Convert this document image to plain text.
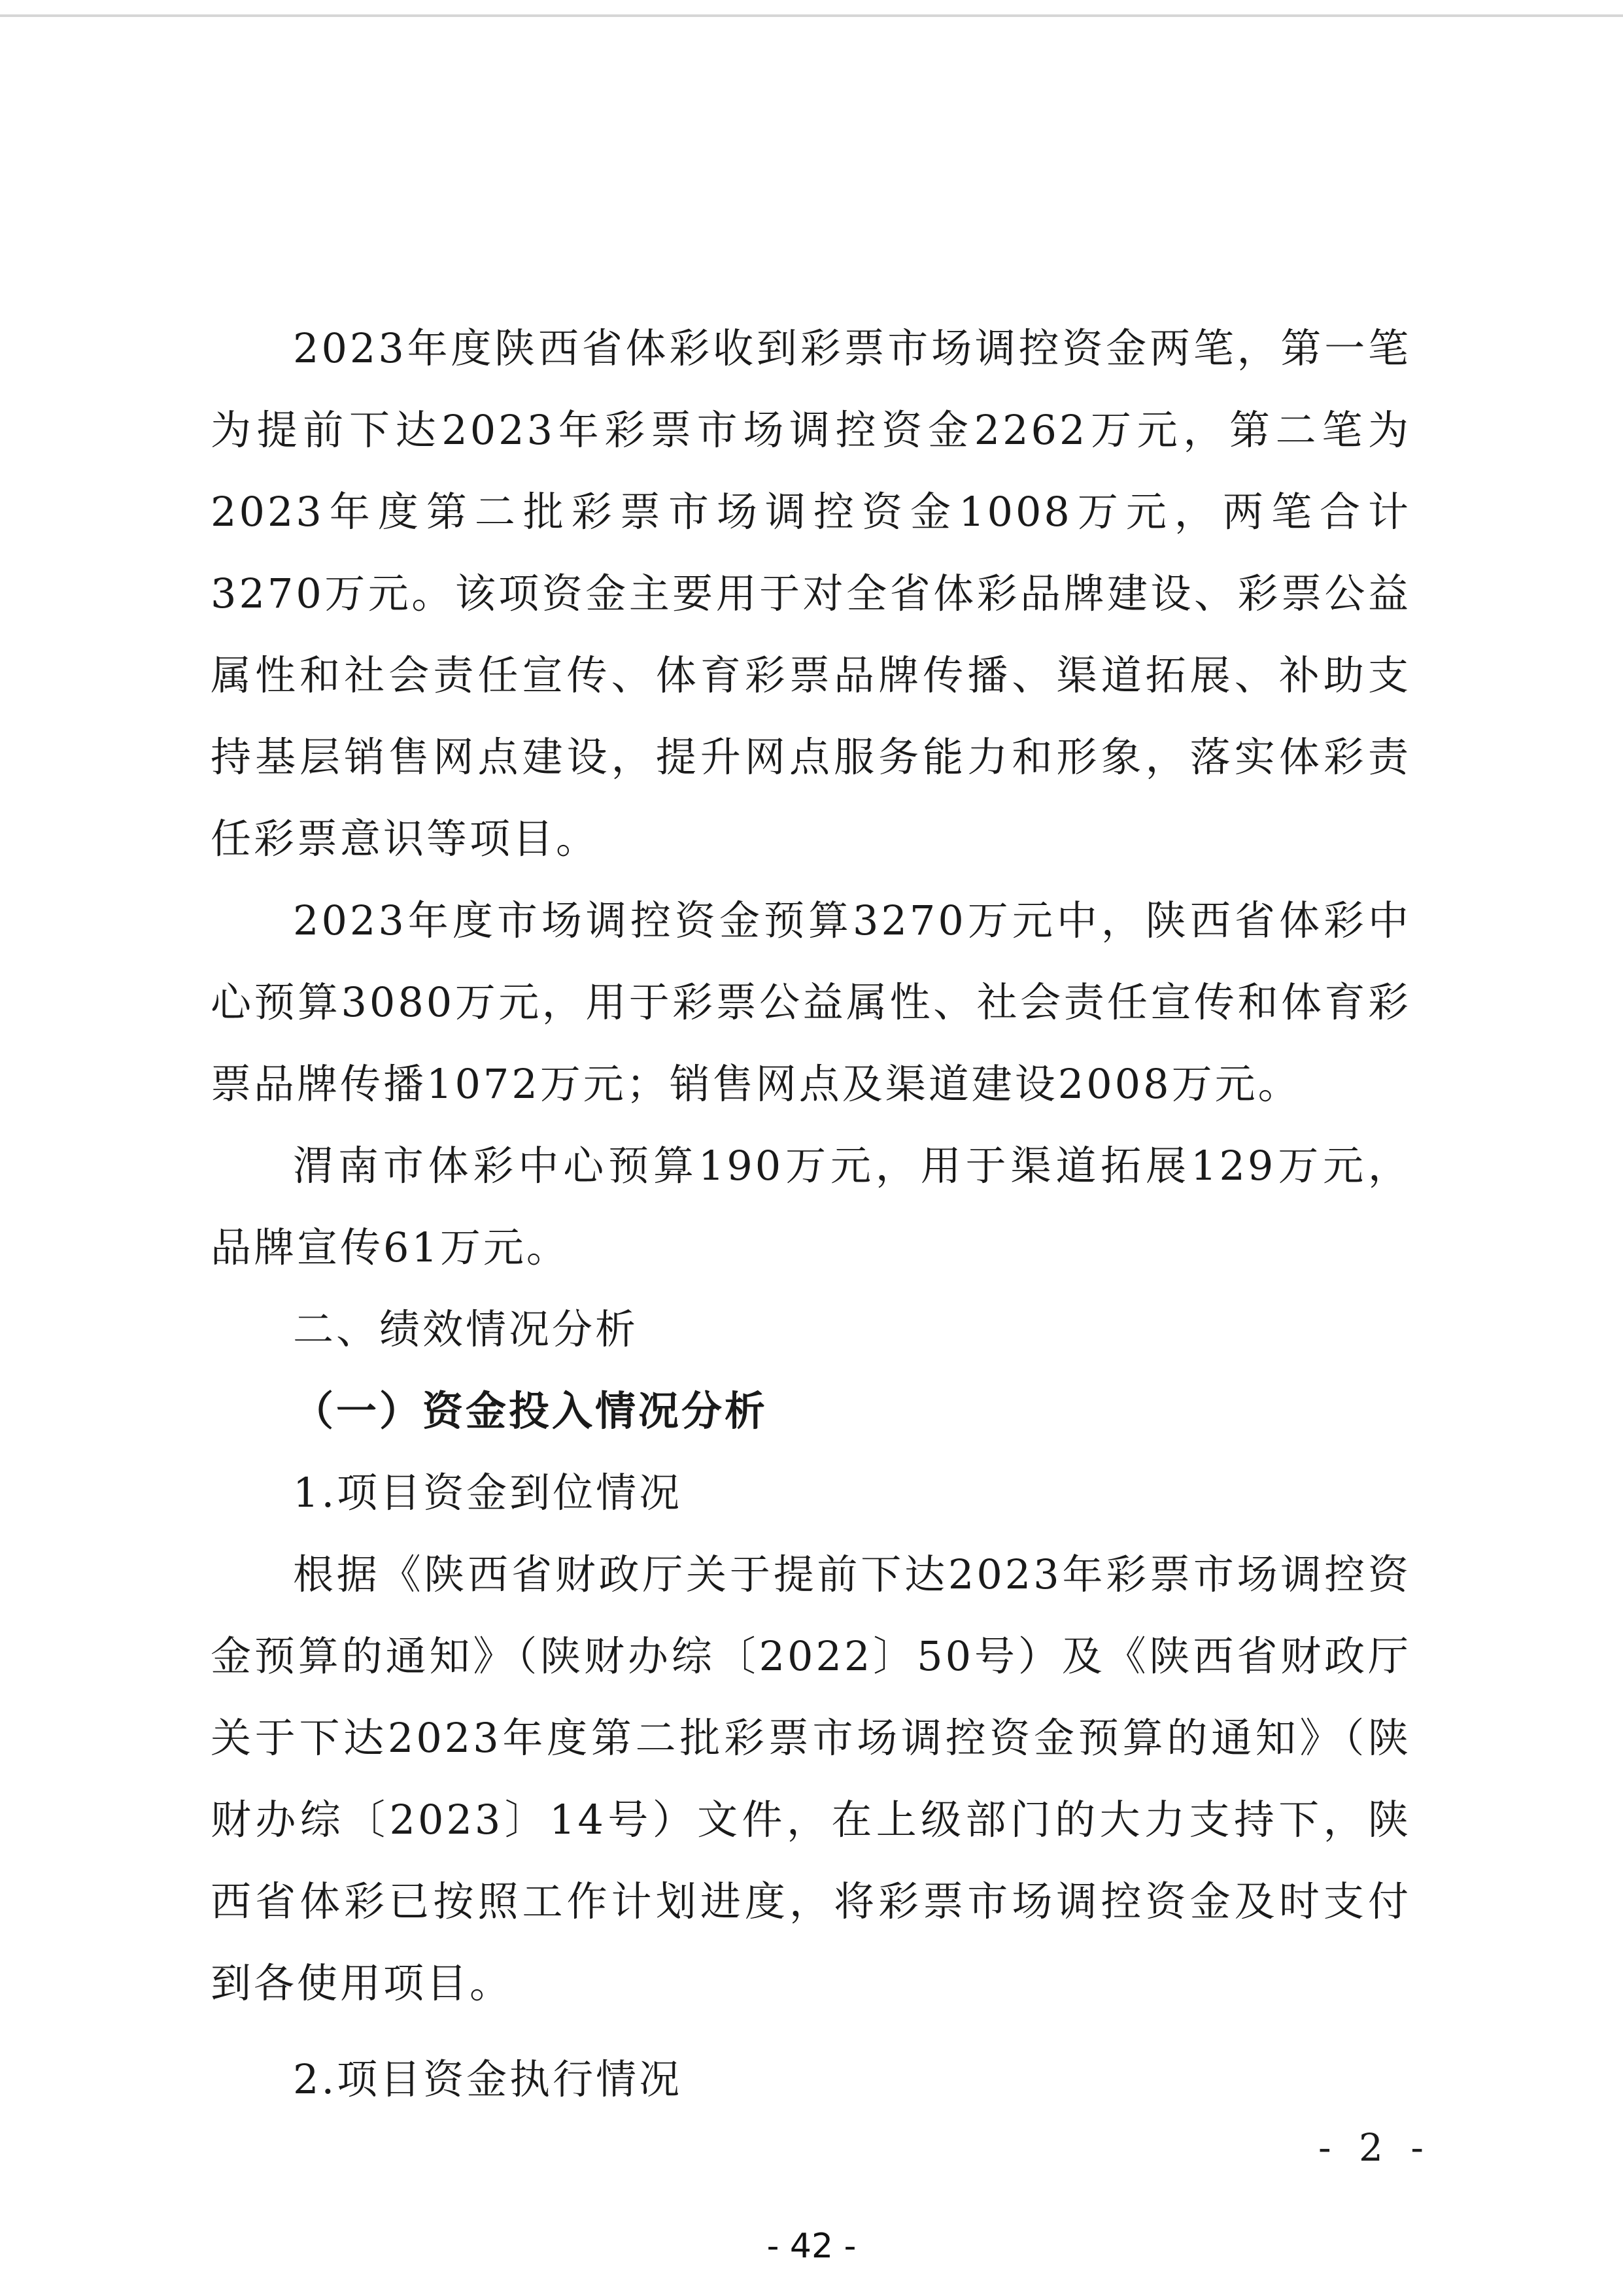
2023年度陕西省体彩收到彩票市场调控资金两笔，第一笔为提前下达2023年彩票市场调控资金2262万元，第二笔为2023年度第二批彩票市场调控资金1008万元，两笔合计3270万元。该项资金主要用于对全省体彩品牌建设、彩票公益属性和社会责任宣传、体育彩票品牌传播、渠道拓展、补助支持基层销售网点建设，提升网点服务能力和形象，落实体彩责任彩票意识等项目。

2023年度市场调控资金预算3270万元中，陕西省体彩中心预算3080万元，用于彩票公益属性、社会责任宣传和体育彩票品牌传播1072万元；销售网点及渠道建设2008万元。

渭南市体彩中心预算190万元，用于渠道拓展129万元，品牌宣传61万元。

二、绩效情况分析

（一）资金投入情况分析

1.项目资金到位情况

根据《陕西省财政厅关于提前下达2023年彩票市场调控资金预算的通知》（陕财办综〔2022〕50号）及《陕西省财政厅关于下达2023年度第二批彩票市场调控资金预算的通知》（陕财办综〔2023〕14号）文件，在上级部门的大力支持下，陕西省体彩已按照工作计划进度，将彩票市场调控资金及时支付到各使用项目。

2.项目资金执行情况

- 2 -
- 42 -
